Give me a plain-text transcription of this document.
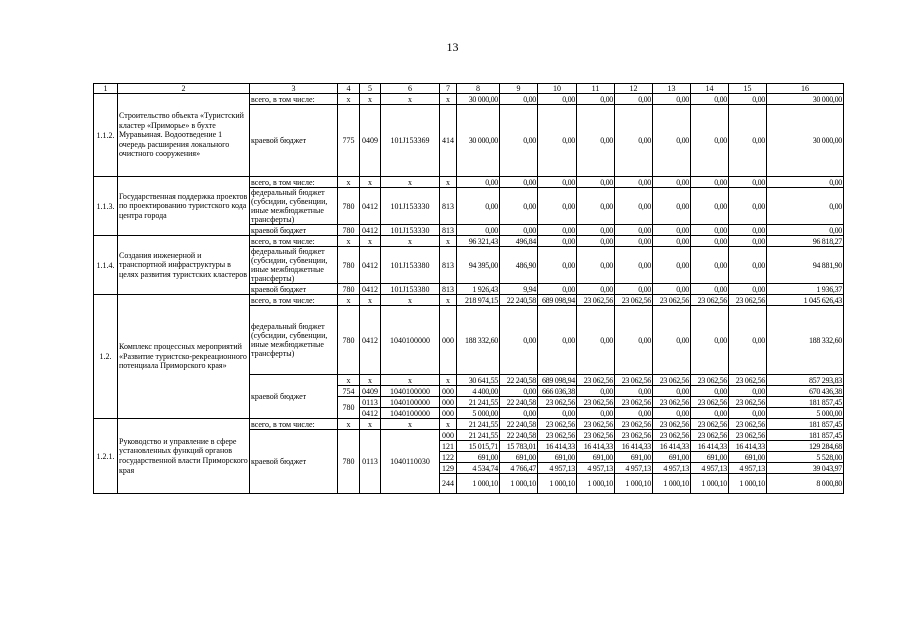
13
1	2	3	4	5	6	7	8	9	10	11	12	13	14	15	16
1.1.2.	Строительство объекта «Туристский кластер «Приморье» в бухте Муравьиная. Водоотведение 1 очередь расширения локального очистного сооружения»	всего, в том числе:	х	х	х	х	30 000,00	0,00	0,00	0,00	0,00	0,00	0,00	0,00	30 000,00
		краевой бюджет	775	0409	101J153369	414	30 000,00	0,00	0,00	0,00	0,00	0,00	0,00	0,00	30 000,00
1.1.3.	Государственная поддержка проектов по проектированию туристского кода центра города	всего, в том числе:	х	х	х	х	0,00	0,00	0,00	0,00	0,00	0,00	0,00	0,00	0,00
		федеральный бюджет (субсидии, субвенции, иные межбюджетные трансферты)	780	0412	101J153330	813	0,00	0,00	0,00	0,00	0,00	0,00	0,00	0,00	0,00
		краевой бюджет	780	0412	101J153330	813	0,00	0,00	0,00	0,00	0,00	0,00	0,00	0,00	0,00
1.1.4.	Создания инженерной и транспортной инфраструктуры в целях развития туристских кластеров	всего, в том числе:	х	х	х	х	96 321,43	496,84	0,00	0,00	0,00	0,00	0,00	0,00	96 818,27
		федеральный бюджет (субсидии, субвенции, иные межбюджетные трансферты)	780	0412	101J153380	813	94 395,00	486,90	0,00	0,00	0,00	0,00	0,00	0,00	94 881,90
		краевой бюджет	780	0412	101J153380	813	1 926,43	9,94	0,00	0,00	0,00	0,00	0,00	0,00	1 936,37
1.2.	Комплекс процессных мероприятий «Развитие туристско-рекреационного потенциала Приморского края»	всего, в том числе:	х	х	х	х	218 974,15	22 240,58	689 098,94	23 062,56	23 062,56	23 062,56	23 062,56	23 062,56	1 045 626,43
		федеральный бюджет (субсидии, субвенции, иные межбюджетные трансферты)	780	0412	1040100000	000	188 332,60	0,00	0,00	0,00	0,00	0,00	0,00	0,00	188 332,60
		краевой бюджет	х	х	х	х	30 641,55	22 240,58	689 098,94	23 062,56	23 062,56	23 062,56	23 062,56	23 062,56	857 293,83
			754	0409	1040100000	000	4 400,00	0,00	666 036,38	0,00	0,00	0,00	0,00	0,00	670 436,38
			780	0113	1040100000	000	21 241,55	22 240,58	23 062,56	23 062,56	23 062,56	23 062,56	23 062,56	23 062,56	181 857,45
				0412	1040100000	000	5 000,00	0,00	0,00	0,00	0,00	0,00	0,00	0,00	5 000,00
1.2.1.	Руководство и управление в сфере установленных функций органов государственной власти Приморского края	всего, в том числе:	х	х	х	х	21 241,55	22 240,58	23 062,56	23 062,56	23 062,56	23 062,56	23 062,56	23 062,56	181 857,45
		краевой бюджет	780	0113	1040110030	000	21 241,55	22 240,58	23 062,56	23 062,56	23 062,56	23 062,56	23 062,56	23 062,56	181 857,45
						121	15 015,71	15 783,01	16 414,33	16 414,33	16 414,33	16 414,33	16 414,33	16 414,33	129 284,68
						122	691,00	691,00	691,00	691,00	691,00	691,00	691,00	691,00	5 528,00
						129	4 534,74	4 766,47	4 957,13	4 957,13	4 957,13	4 957,13	4 957,13	4 957,13	39 043,97
						244	1 000,10	1 000,10	1 000,10	1 000,10	1 000,10	1 000,10	1 000,10	1 000,10	8 000,80
